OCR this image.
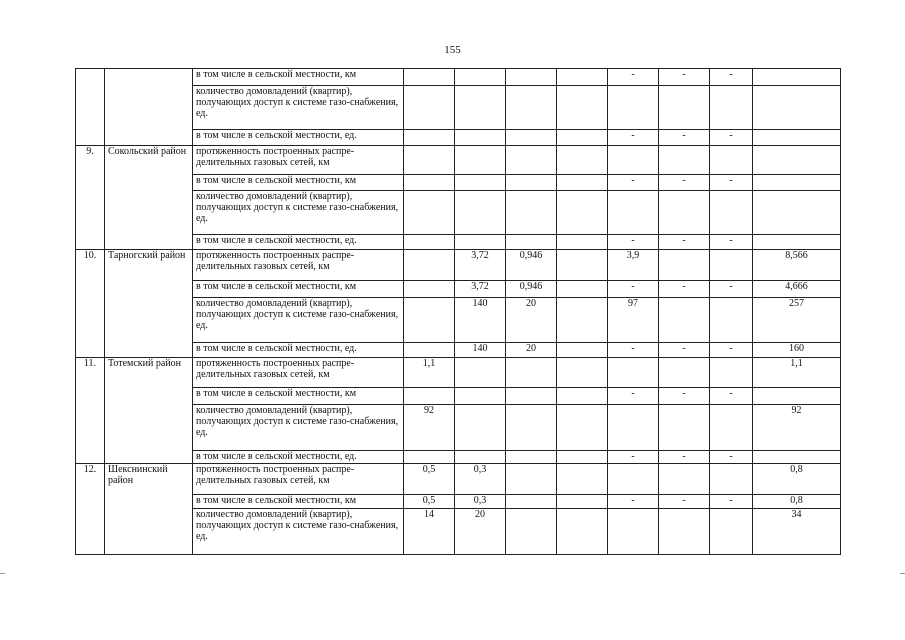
155
		в том числе в сельской местности, км					-	-	-	
		количество домовладений (квартир), получающих доступ к системе газо-снабжения, ед.								
		в том числе в сельской местности, ед.					-	-	-	
9.	Сокольский район	протяженность построенных распре-делительных газовых сетей, км								
		в том числе в сельской местности, км					-	-	-	
		количество домовладений (квартир), получающих доступ к системе газо-снабжения, ед.								
		в том числе в сельской местности, ед.					-	-	-	
10.	Тарногский район	протяженность построенных распре-делительных газовых сетей, км		3,72	0,946		3,9			8,566
		в том числе в сельской местности, км		3,72	0,946		-	-	-	4,666
		количество домовладений (квартир), получающих доступ к системе газо-снабжения, ед.		140	20		97			257
		в том числе в сельской местности, ед.		140	20		-	-	-	160
11.	Тотемский район	протяженность построенных распре-делительных газовых сетей, км	1,1							1,1
		в том числе в сельской местности, км					-	-	-	
		количество домовладений (квартир), получающих доступ к системе газо-снабжения, ед.	92							92
		в том числе в сельской местности, ед.					-	-	-	
12.	Шекснинский район	протяженность построенных распре-делительных газовых сетей, км	0,5	0,3						0,8
		в том числе в сельской местности, км	0,5	0,3			-	-	-	0,8
		количество домовладений (квартир), получающих доступ к системе газо-снабжения, ед.	14	20						34
